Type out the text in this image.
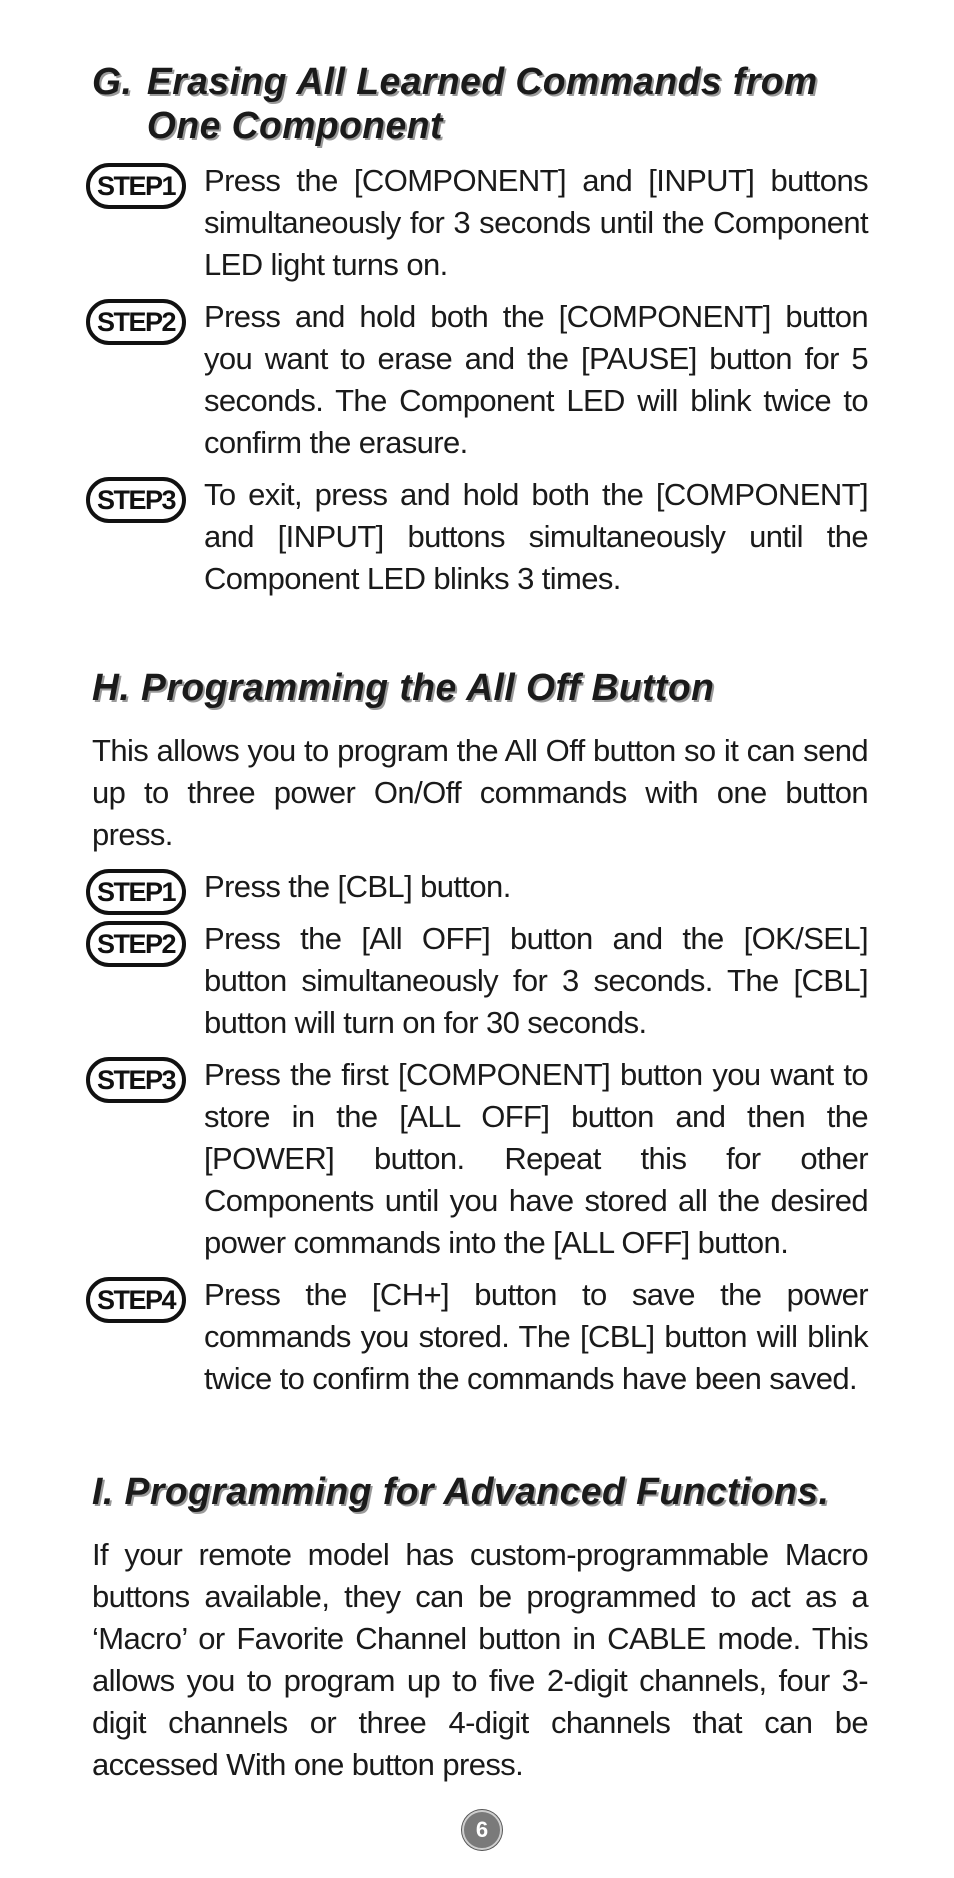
G. Erasing All Learned Commands from
One Component
STEP1 Press the [COMPONENT] and [INPUT] buttons simultaneously for 3 seconds until the Component LED light turns on.
STEP2 Press and hold both the [COMPONENT] button you want to erase and the [PAUSE] button for 5 seconds. The Component LED will blink twice to confirm the erasure.
STEP3 To exit, press and hold both the [COMPONENT] and [INPUT] buttons simultaneously until the Component LED blinks 3 times.
H. Programming the All Off Button

This allows you to program the All Off button so it can send up to three power On/Off commands with one button press.

STEP1 Press the [CBL] button.
STEP2 Press the [All OFF] button and the [OK/SEL] button simultaneously for 3 seconds. The [CBL] button will turn on for 30 seconds.
STEP3 Press the first [COMPONENT] button you want to store in the [ALL OFF] button and then the [POWER] button. Repeat this for other Components until you have stored all the desired power commands into the [ALL OFF] button.
STEP4 Press the [CH+] button to save the power commands you stored. The [CBL] button will blink twice to confirm the commands have been saved.
I. Programming for Advanced Functions.

If your remote model has custom-programmable Macro buttons available, they can be programmed to act as a ‘Macro’ or Favorite Channel button in CABLE mode. This allows you to program up to five 2-digit channels, four 3-digit channels or three 4-digit channels that can be accessed With one button press.

6
